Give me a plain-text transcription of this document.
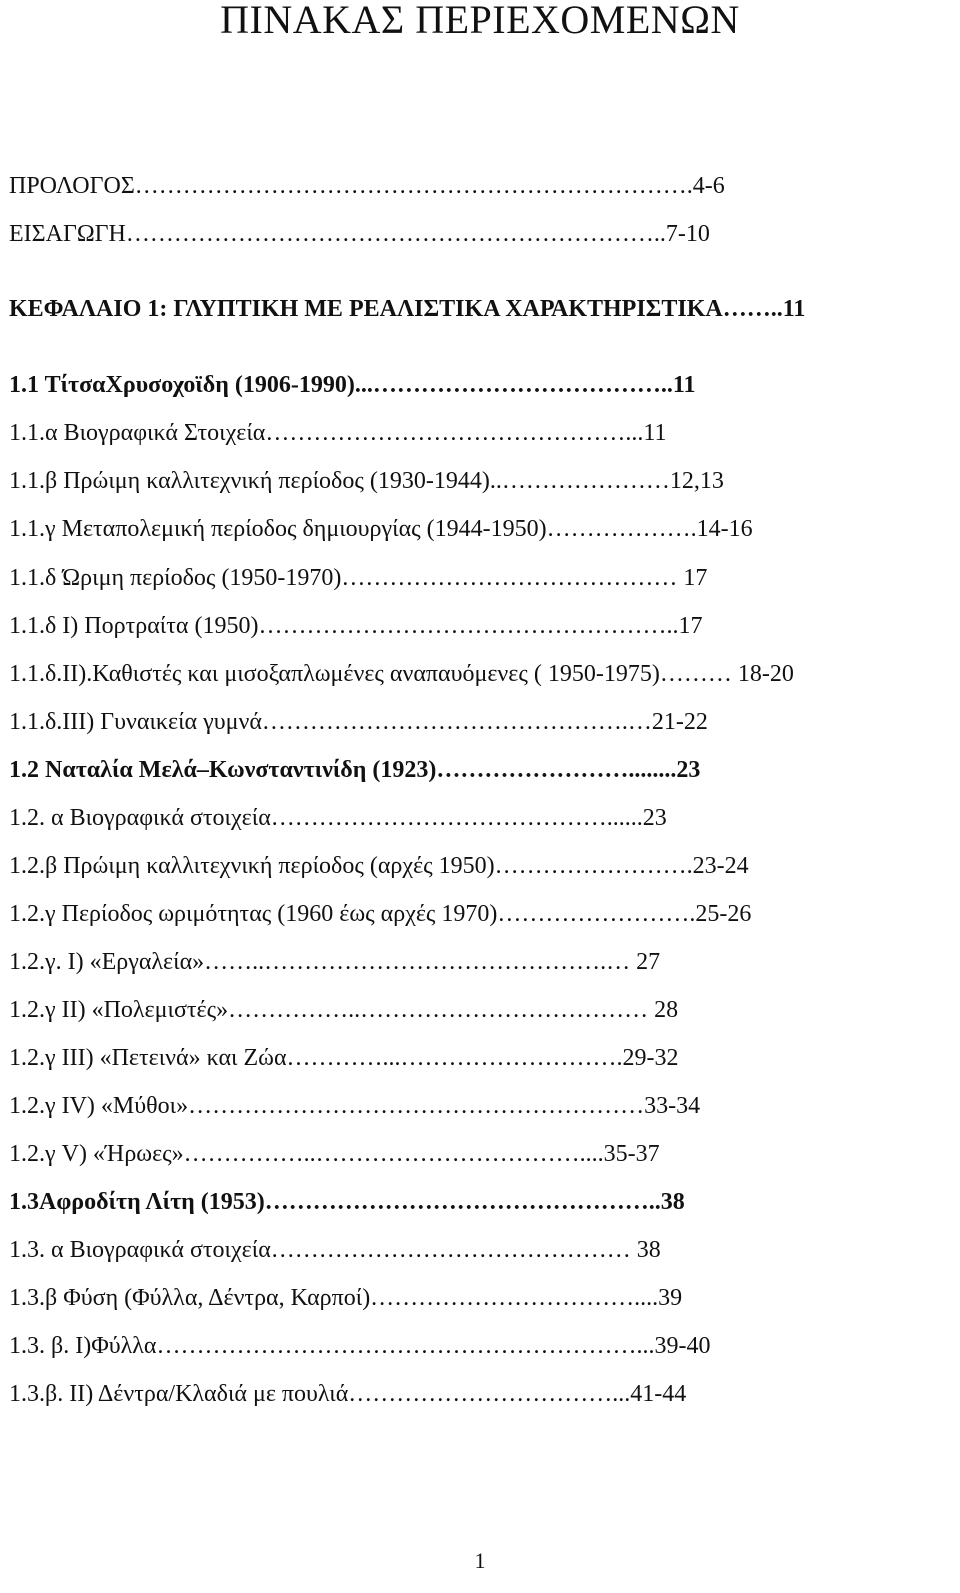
ΠΙΝΑΚΑΣ ΠΕΡΙΕΧΟΜΕΝΩΝ
ΠΡΟΛΟΓΟΣ…………………………………………………………….4-6
ΕΙΣΑΓΩΓΗ…………………………………………………………..7-10
ΚΕΦΑΛΑΙΟ 1: ΓΛΥΠΤΙΚΗ ΜΕ ΡΕΑΛΙΣΤΙΚΑ ΧΑΡΑΚΤΗΡΙΣΤΙΚΑ……..11
1.1 ΤίτσαΧρυσοχοϊδη (1906-1990)...………………………………..11
1.1.α Βιογραφικά Στοιχεία………………………………………...11
1.1.β Πρώιμη καλλιτεχνική περίοδος (1930-1944)..…………………12,13
1.1.γ Μεταπολεμική περίοδος δημιουργίας (1944-1950)……………….14-16
1.1.δ Ώριμη περίοδος (1950-1970)…………………………………… 17
1.1.δ Ι) Πορτραίτα (1950)……………………………………………..17
1.1.δ.ΙΙ).Καθιστές και μισοξαπλωμένες αναπαυόμενες ( 1950-1975)……… 18-20
1.1.δ.ΙΙΙ) Γυναικεία γυμνά……………………………………….…21-22
1.2 Ναταλία Μελά–Κωνσταντινίδη (1923)……………………........23
1.2. α Βιογραφικά στοιχεία……………………………………......23
1.2.β Πρώιμη καλλιτεχνική περίοδος (αρχές 1950)…………………….23-24
1.2.γ Περίοδος ωριμότητας (1960 έως αρχές 1970)…………………….25-26
1.2.γ. Ι) «Εργαλεία»……..…………………………………….… 27
1.2.γ ΙΙ) «Πολεμιστές»……………..……………………………… 28
1.2.γ ΙΙΙ) «Πετεινά» και Ζώα…………...……………………….29-32
1.2.γ ΙV) «Μύθοι»…………………………………………………33-34
1.2.γ V) «Ήρωες»……………..……………………………....35-37
1.3Αφροδίτη Λίτη (1953)…………………………………………..38
1.3. α Βιογραφικά στοιχεία……………………………………… 38
1.3.β Φύση (Φύλλα, Δέντρα, Καρποί)……………………………....39
1.3. β. Ι)Φύλλα……………………………………………………...39-40
1.3.β. ΙΙ) Δέντρα/Κλαδιά με πουλιά……………………………...41-44
1
